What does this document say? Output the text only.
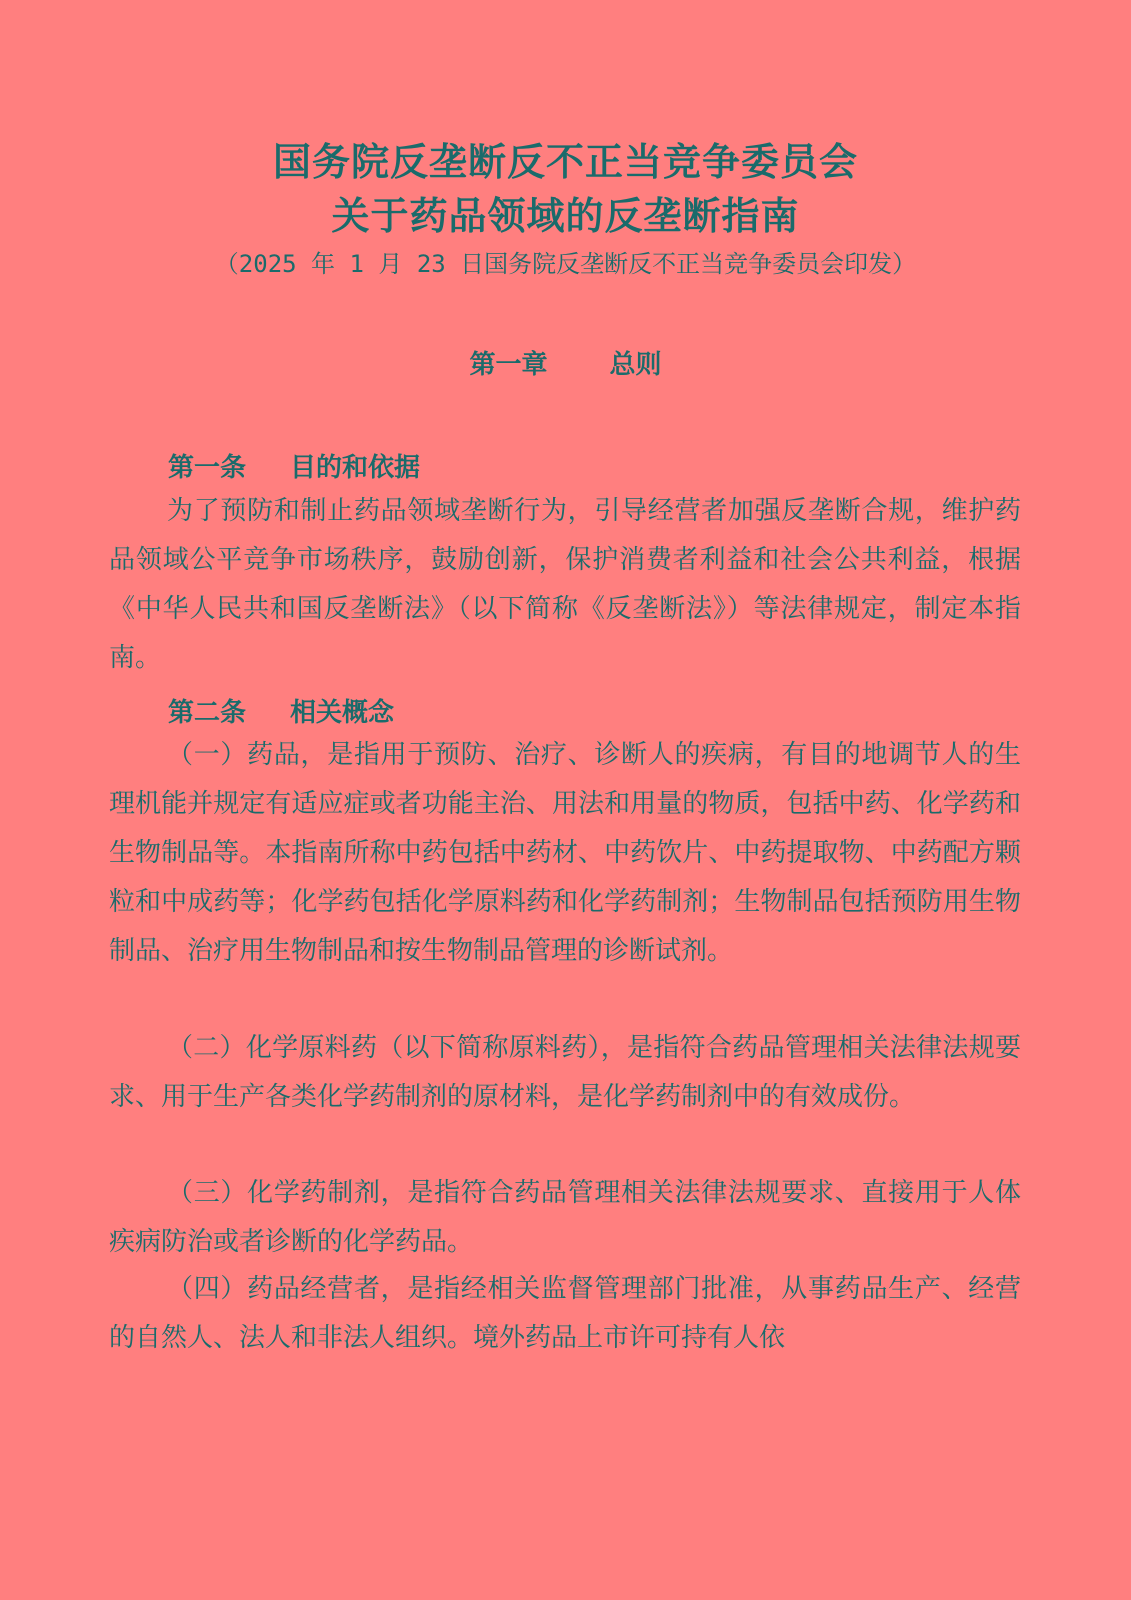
国务院反垄断反不正当竞争委员会
关于药品领域的反垄断指南
（2025 年 1 月 23 日国务院反垄断反不正当竞争委员会印发）
第一章 总则
第一条 目的和依据

为了预防和制止药品领域垄断行为，引导经营者加强反垄断合规，维护药品领域公平竞争市场秩序，鼓励创新，保护消费者利益和社会公共利益，根据《中华人民共和国反垄断法》（以下简称《反垄断法》）等法律规定，制定本指南。

第二条 相关概念

（一）药品，是指用于预防、治疗、诊断人的疾病，有目的地调节人的生理机能并规定有适应症或者功能主治、用法和用量的物质，包括中药、化学药和生物制品等。本指南所称中药包括中药材、中药饮片、中药提取物、中药配方颗粒和中成药等；化学药包括化学原料药和化学药制剂；生物制品包括预防用生物制品、治疗用生物制品和按生物制品管理的诊断试剂。

（二）化学原料药（以下简称原料药），是指符合药品管理相关法律法规要求、用于生产各类化学药制剂的原材料，是化学药制剂中的有效成份。

（三）化学药制剂，是指符合药品管理相关法律法规要求、直接用于人体疾病防治或者诊断的化学药品。

（四）药品经营者，是指经相关监督管理部门批准，从事药品生产、经营的自然人、法人和非法人组织。境外药品上市许可持有人依
